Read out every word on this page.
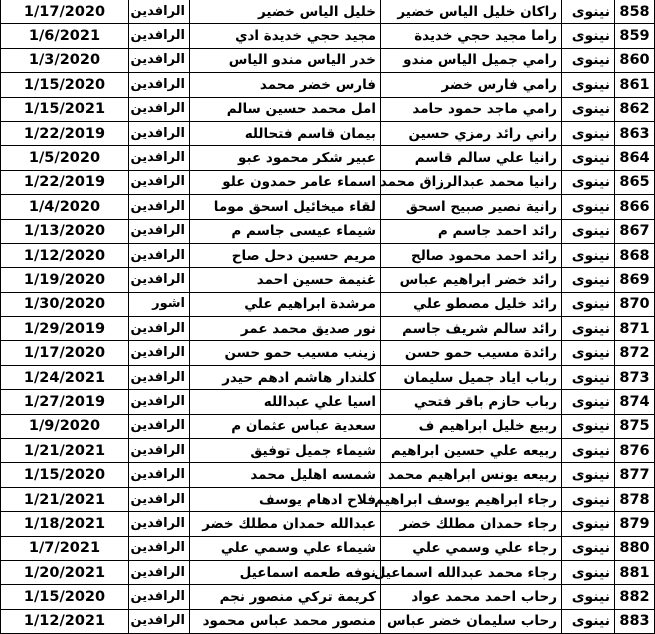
1/17/2020	الرافدين	خليل الياس خضير	راكان خليل الياس خضير	نينوى	858
1/6/2021	الرافدين	مجيد حجي خديدة ادي	راما مجيد حجي خديدة	نينوى	859
1/3/2020	الرافدين	خدر الياس مندو الياس	رامي جميل الياس مندو	نينوى	860
1/15/2020	الرافدين	فارس خضر محمد	رامي فارس خضر	نينوى	861
1/15/2021	الرافدين	امل محمد حسين سالم	رامي ماجد حمود حامد	نينوى	862
1/22/2019	الرافدين	بيمان قاسم فتحالله	راني رائد رمزي حسين	نينوى	863
1/5/2020	الرافدين	عبير شكر محمود عبو	رانيا علي سالم قاسم	نينوى	864
1/22/2019	الرافدين	اسماء عامر حمدون علو	رانيا محمد عبدالرزاق محمد	نينوى	865
1/4/2020	الرافدين	لقاء ميخائيل اسحق موما	رانية نصير صبيح اسحق	نينوى	866
1/13/2020	الرافدين	شيماء عيسى جاسم م	رائد احمد جاسم م	نينوى	867
1/12/2020	الرافدين	مريم حسين دحل صاح	رائد احمد محمود صالح	نينوى	868
1/19/2020	الرافدين	غنيمة حسين احمد	رائد خضر ابراهيم عباس	نينوى	869
1/30/2020	اشور	مرشدة ابراهيم علي	رائد خليل مصطو علي	نينوى	870
1/29/2019	الرافدين	نور صديق محمد عمر	رائد سالم شريف جاسم	نينوى	871
1/17/2020	الرافدين	زينب مسيب حمو حسن	رائدة مسيب حمو حسن	نينوى	872
1/24/2021	الرافدين	كلندار هاشم ادهم حيدر	رباب اياد جميل سليمان	نينوى	873
1/27/2019	الرافدين	اسيا علي عبدالله	رباب حازم باقر فتحي	نينوى	874
1/9/2020	الرافدين	سعدية عباس عثمان م	ربيع خليل ابراهيم ف	نينوى	875
1/21/2021	الرافدين	شيماء جميل توفيق	ربيعه علي حسين ابراهيم	نينوى	876
1/15/2020	الرافدين	شمسه اهليل محمد	ربيعه يونس ابراهيم محمد	نينوى	877
1/21/2021	الرافدين	فلاح ادهام يوسف	رجاء ابراهيم يوسف ابراهيم	نينوى	878
1/18/2021	الرافدين	عبدالله حمدان مطلك خضر	رجاء حمدان مطلك خضر	نينوى	879
1/7/2021	الرافدين	شيماء علي وسمي علي	رجاء علي وسمي علي	نينوى	880
1/20/2021	الرافدين	نوفه طعمه اسماعيل	رجاء محمد عبدالله اسماعيل	نينوى	881
1/15/2020	الرافدين	كريمة تركي منصور نجم	رحاب احمد محمد عواد	نينوى	882
1/12/2021	الرافدين	منصور محمد عباس محمود	رحاب سليمان خضر عباس	نينوى	883
